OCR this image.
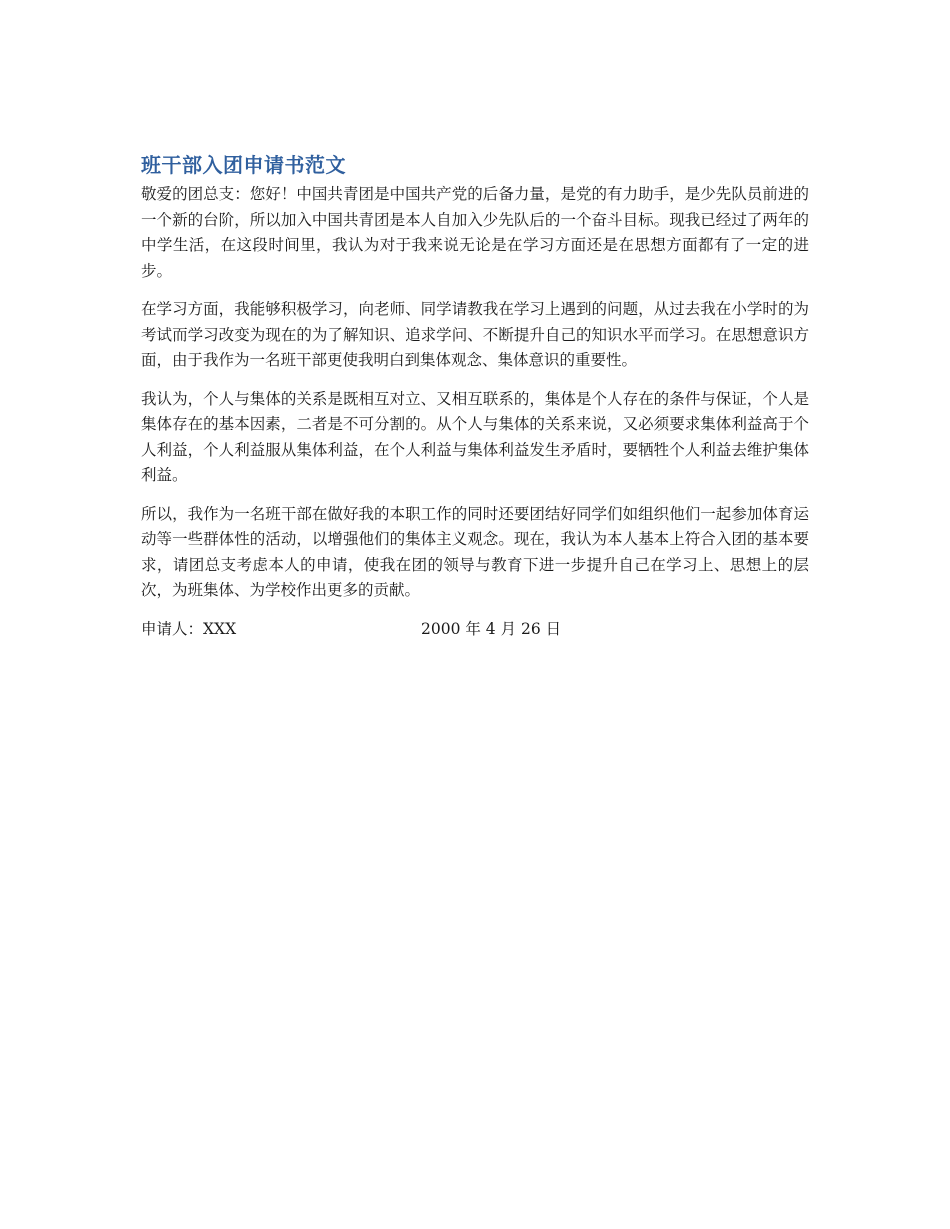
班干部入团申请书范文

敬爱的团总支：您好！中国共青团是中国共产党的后备力量，是党的有力助手，是少先队员前进的一个新的台阶，所以加入中国共青团是本人自加入少先队后的一个奋斗目标。现我已经过了两年的中学生活，在这段时间里，我认为对于我来说无论是在学习方面还是在思想方面都有了一定的进步。

在学习方面，我能够积极学习，向老师、同学请教我在学习上遇到的问题，从过去我在小学时的为考试而学习改变为现在的为了解知识、追求学问、不断提升自己的知识水平而学习。在思想意识方面，由于我作为一名班干部更使我明白到集体观念、集体意识的重要性。

我认为，个人与集体的关系是既相互对立、又相互联系的，集体是个人存在的条件与保证，个人是集体存在的基本因素，二者是不可分割的。从个人与集体的关系来说，又必须要求集体利益高于个人利益，个人利益服从集体利益，在个人利益与集体利益发生矛盾时，要牺牲个人利益去维护集体利益。

所以，我作为一名班干部在做好我的本职工作的同时还要团结好同学们如组织他们一起参加体育运动等一些群体性的活动，以增强他们的集体主义观念。现在，我认为本人基本上符合入团的基本要求，请团总支考虑本人的申请，使我在团的领导与教育下进一步提升自己在学习上、思想上的层次，为班集体、为学校作出更多的贡献。

申请人：XXX	2000 年 4 月 26 日
